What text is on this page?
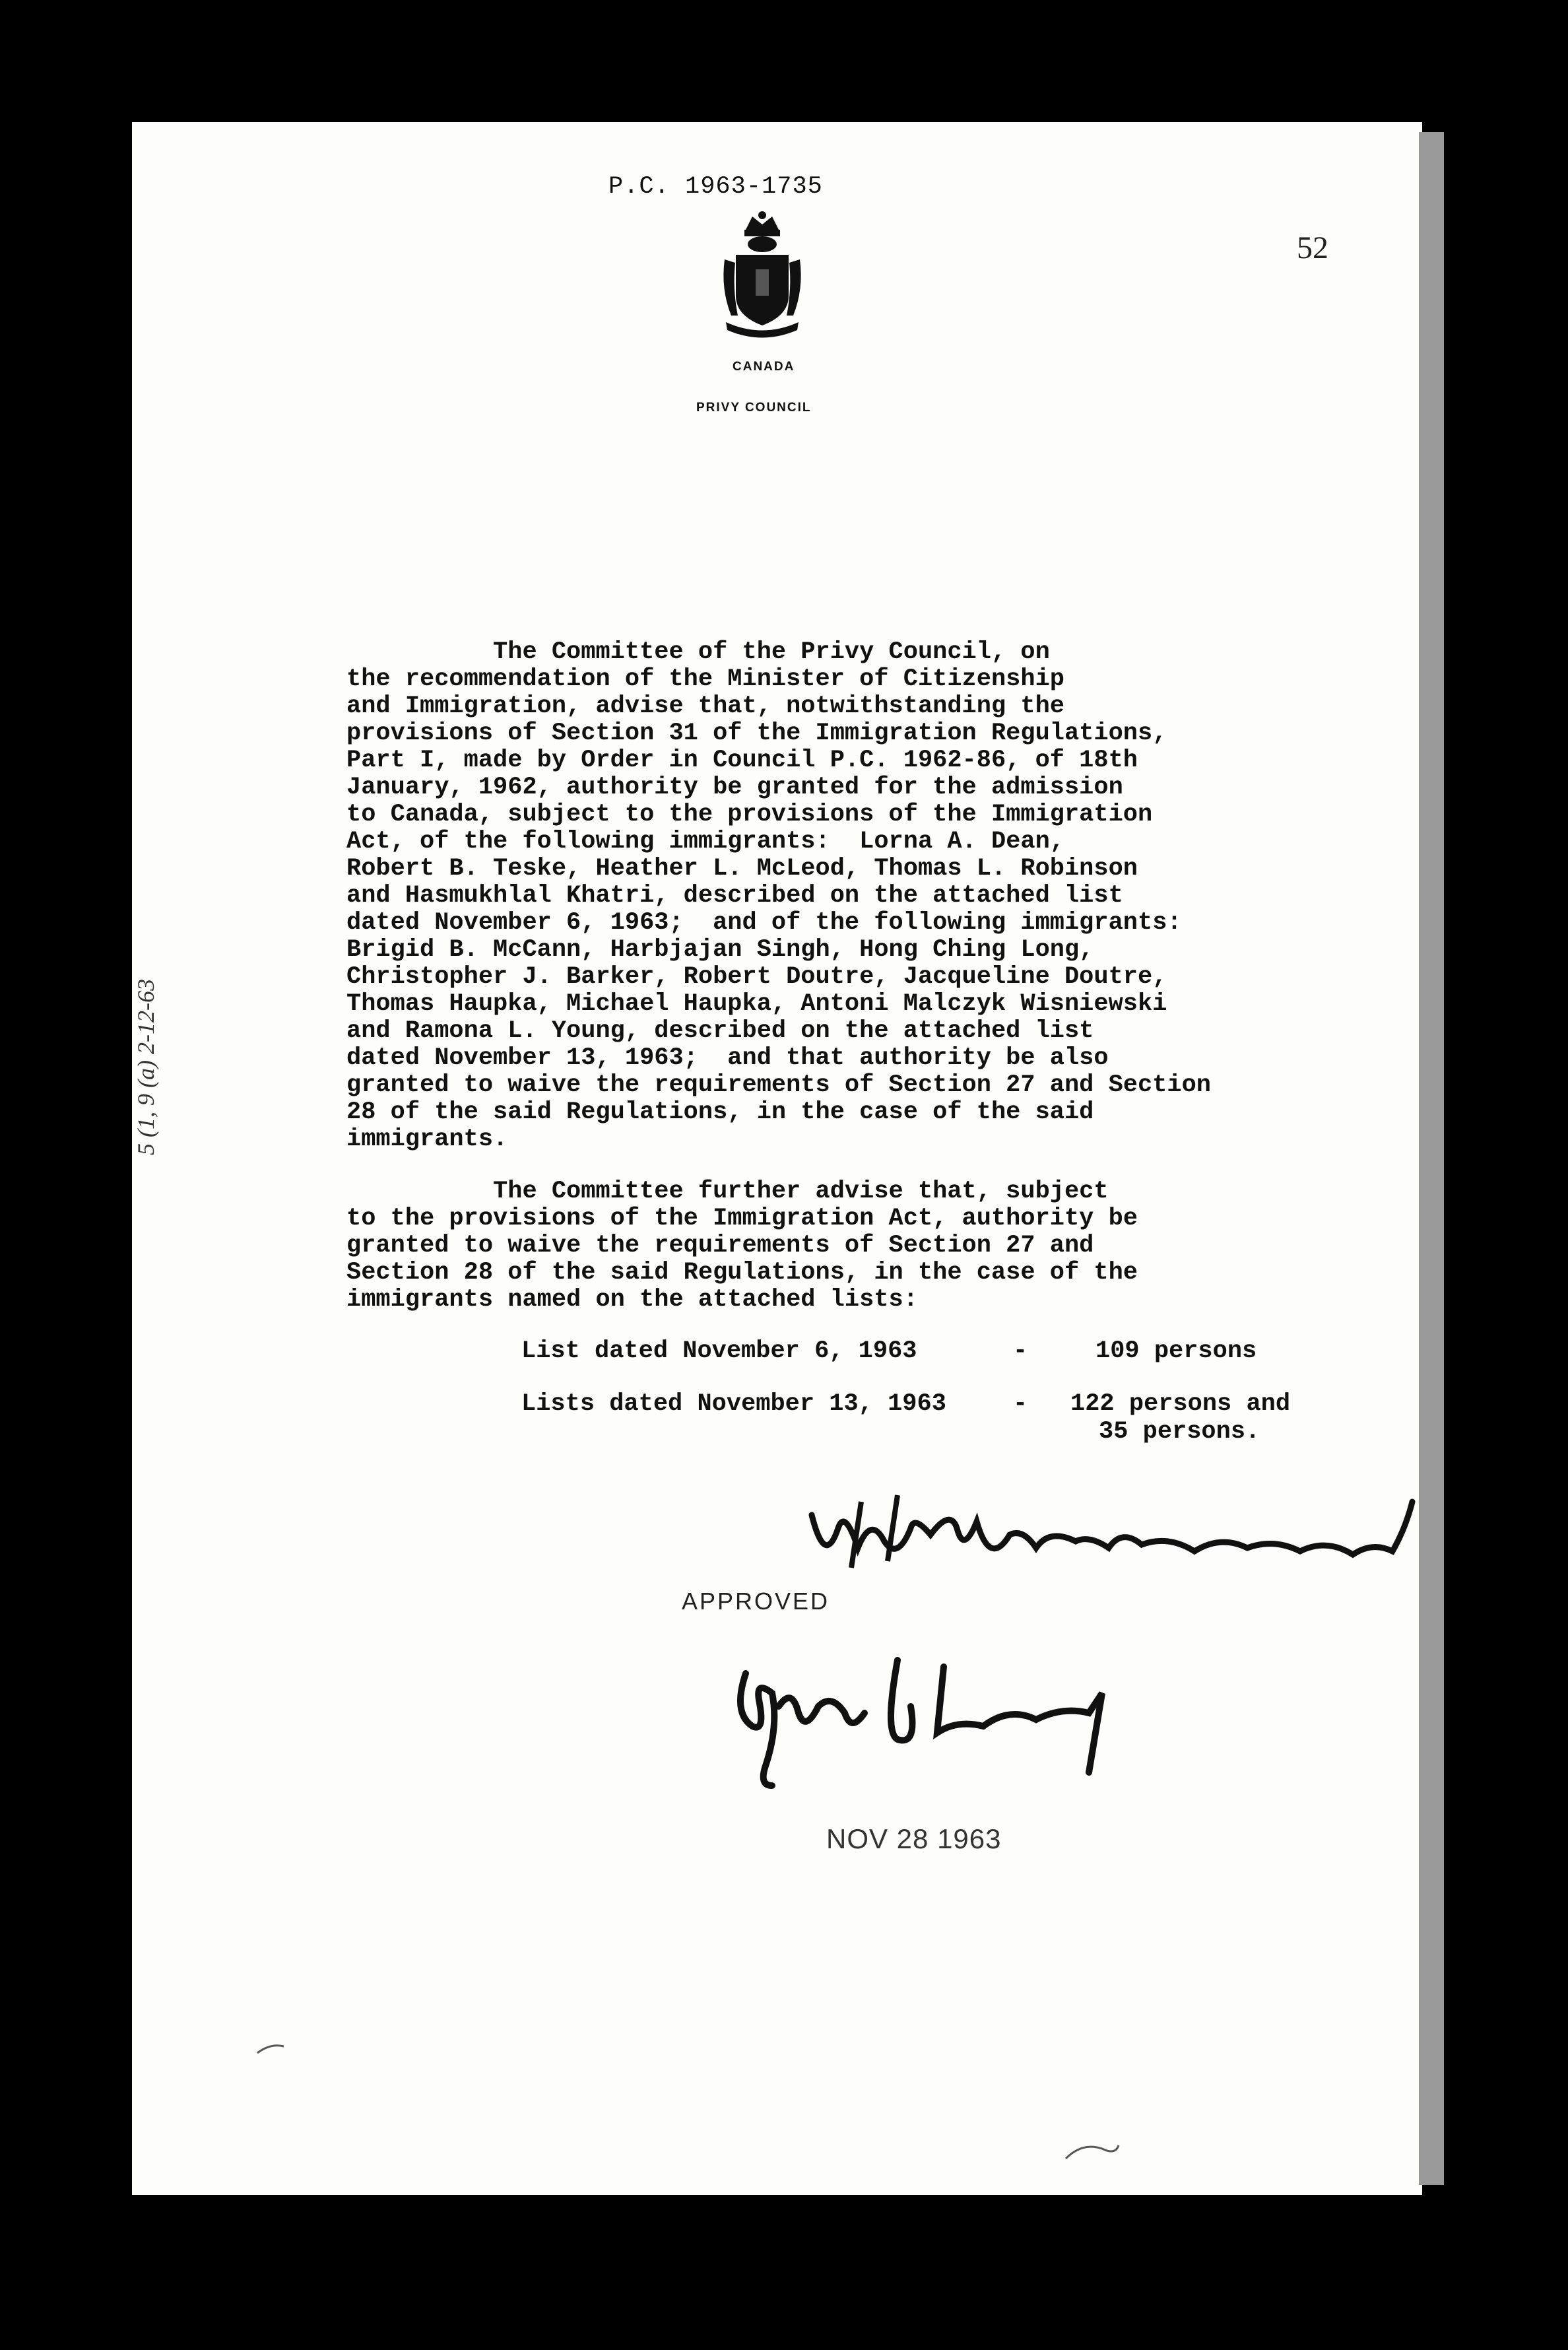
P.C. 1963-1735
52
CANADA
PRIVY COUNCIL
The Committee of the Privy Council, on
the recommendation of the Minister of Citizenship
and Immigration, advise that, notwithstanding the
provisions of Section 31 of the Immigration Regulations,
Part I, made by Order in Council P.C. 1962-86, of 18th
January, 1962, authority be granted for the admission
to Canada, subject to the provisions of the Immigration
Act, of the following immigrants:  Lorna A. Dean,
Robert B. Teske, Heather L. McLeod, Thomas L. Robinson
and Hasmukhlal Khatri, described on the attached list
dated November 6, 1963;  and of the following immigrants:
Brigid B. McCann, Harbjajan Singh, Hong Ching Long,
Christopher J. Barker, Robert Doutre, Jacqueline Doutre,
Thomas Haupka, Michael Haupka, Antoni Malczyk Wisniewski
and Ramona L. Young, described on the attached list
dated November 13, 1963;  and that authority be also
granted to waive the requirements of Section 27 and Section
28 of the said Regulations, in the case of the said
immigrants.
The Committee further advise that, subject
to the provisions of the Immigration Act, authority be
granted to waive the requirements of Section 27 and
Section 28 of the said Regulations, in the case of the
immigrants named on the attached lists:
List dated November 6, 1963	-	109 persons
Lists dated November 13, 1963	- 122 persons and
35 persons.
APPROVED
NOV 28 1963
5 (1, 9 (a) 2-12-63
